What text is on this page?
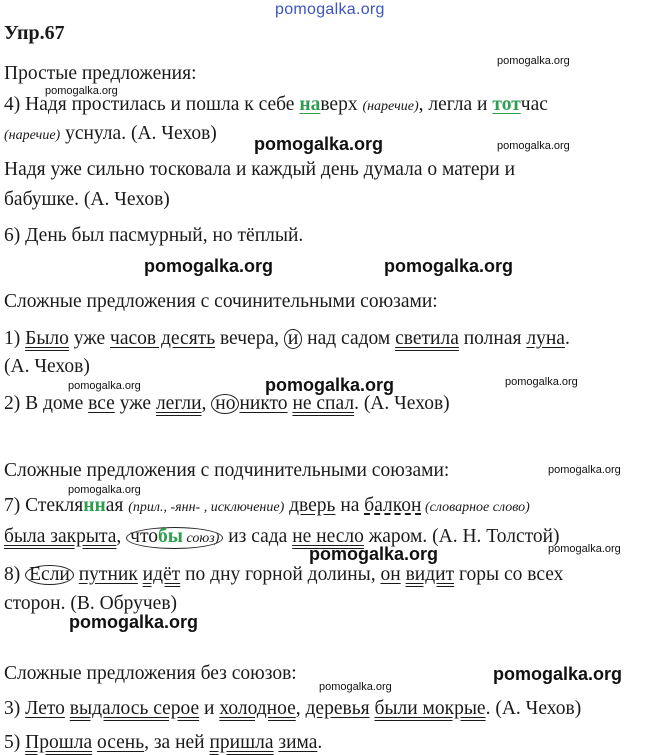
pomogalka.org
pomogalka.org
pomogalka.org
pomogalka.org	pomogalka.org
pomogalka.org	pomogalka.org
pomogalka.org	pomogalka.org	pomogalka.org
pomogalka.org
pomogalka.org
pomogalka.org	pomogalka.org
pomogalka.org
pomogalka.org
pomogalka.org
Упр.67
Простые предложения:
4) Надя простилась и пошла к себе наверх (наречие), легла и тотчас
(наречие) уснула. (А. Чехов)
Надя уже сильно тосковала и каждый день думала о матери и
бабушке. (А. Чехов)
6) День был пасмурный, но тёплый.
Сложные предложения с сочинительными союзами:
1) Было уже часов десять вечера, и над садом светила полная луна.
(А. Чехов)
2) В доме все уже легли, но никто не спал. (А. Чехов)
Сложные предложения с подчинительными союзами:
7) Стеклянная (прил., -янн- , исключение) дверь на балкон (словарное слово)
была закрыта, чтобы союз) из сада не несло жаром. (А. Н. Толстой)
8) Если путник идёт по дну горной долины, он видит горы со всех
сторон. (В. Обручев)
Сложные предложения без союзов:
3) Лето выдалось серое и холодное, деревья были мокрые. (А. Чехов)
5) Прошла осень, за ней пришла зима.
